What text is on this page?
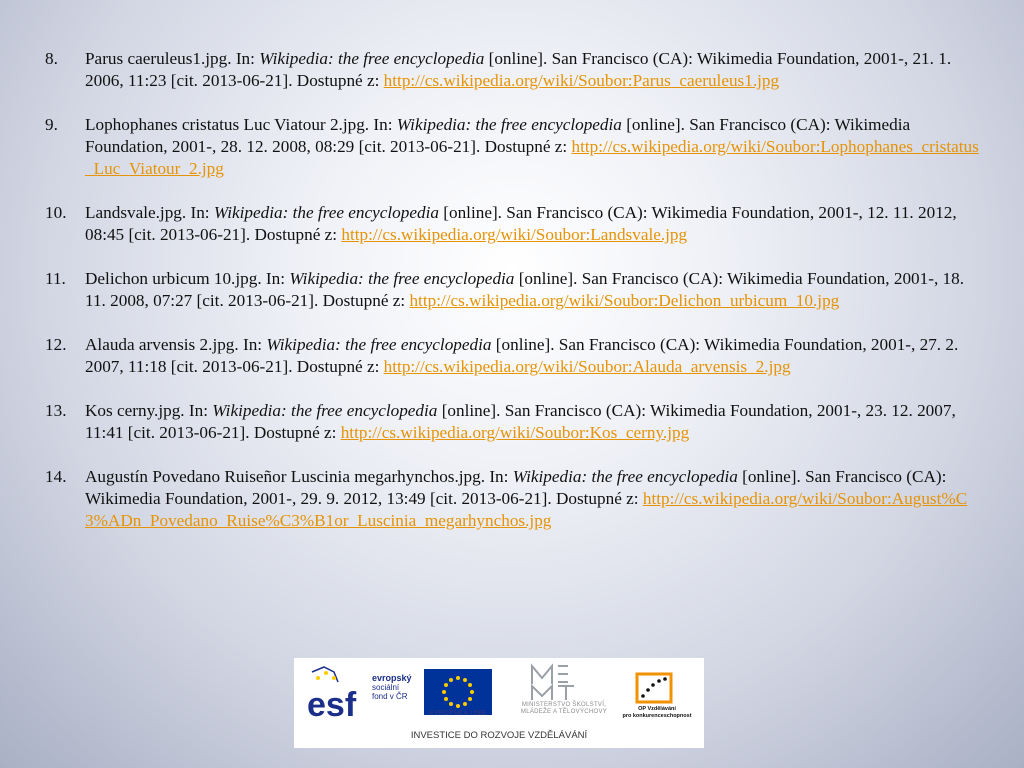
8. Parus caeruleus1.jpg. In: Wikipedia: the free encyclopedia [online]. San Francisco (CA): Wikimedia Foundation, 2001-, 21. 1. 2006, 11:23 [cit. 2013-06-21]. Dostupné z: http://cs.wikipedia.org/wiki/Soubor:Parus_caeruleus1.jpg
9. Lophophanes cristatus Luc Viatour 2.jpg. In: Wikipedia: the free encyclopedia [online]. San Francisco (CA): Wikimedia Foundation, 2001-, 28. 12. 2008, 08:29 [cit. 2013-06-21]. Dostupné z: http://cs.wikipedia.org/wiki/Soubor:Lophophanes_cristatus_Luc_Viatour_2.jpg
10. Landsvale.jpg. In: Wikipedia: the free encyclopedia [online]. San Francisco (CA): Wikimedia Foundation, 2001-, 12. 11. 2012, 08:45 [cit. 2013-06-21]. Dostupné z: http://cs.wikipedia.org/wiki/Soubor:Landsvale.jpg
11. Delichon urbicum 10.jpg. In: Wikipedia: the free encyclopedia [online]. San Francisco (CA): Wikimedia Foundation, 2001-, 18. 11. 2008, 07:27 [cit. 2013-06-21]. Dostupné z: http://cs.wikipedia.org/wiki/Soubor:Delichon_urbicum_10.jpg
12. Alauda arvensis 2.jpg. In: Wikipedia: the free encyclopedia [online]. San Francisco (CA): Wikimedia Foundation, 2001-, 27. 2. 2007, 11:18 [cit. 2013-06-21]. Dostupné z: http://cs.wikipedia.org/wiki/Soubor:Alauda_arvensis_2.jpg
13. Kos cerny.jpg. In: Wikipedia: the free encyclopedia [online]. San Francisco (CA): Wikimedia Foundation, 2001-, 23. 12. 2007, 11:41 [cit. 2013-06-21]. Dostupné z: http://cs.wikipedia.org/wiki/Soubor:Kos_cerny.jpg
14. Augustín Povedano Ruiseñor Luscinia megarhynchos.jpg. In: Wikipedia: the free encyclopedia [online]. San Francisco (CA): Wikimedia Foundation, 2001-, 29. 9. 2012, 13:49 [cit. 2013-06-21]. Dostupné z: http://cs.wikipedia.org/wiki/Soubor:August%C3%ADn_Povedano_Ruise%C3%B1or_Luscinia_megarhynchos.jpg
esf
evropský
sociální
fond v ČR
EVROPSKÁ UNIE
MINISTERSTVO ŠKOLSTVÍ,
MLÁDEŽE A TĚLOVÝCHOVY	OP Vzdělávání
pro konkurenceschopnost
INVESTICE DO ROZVOJE VZDĚLÁVÁNÍ
